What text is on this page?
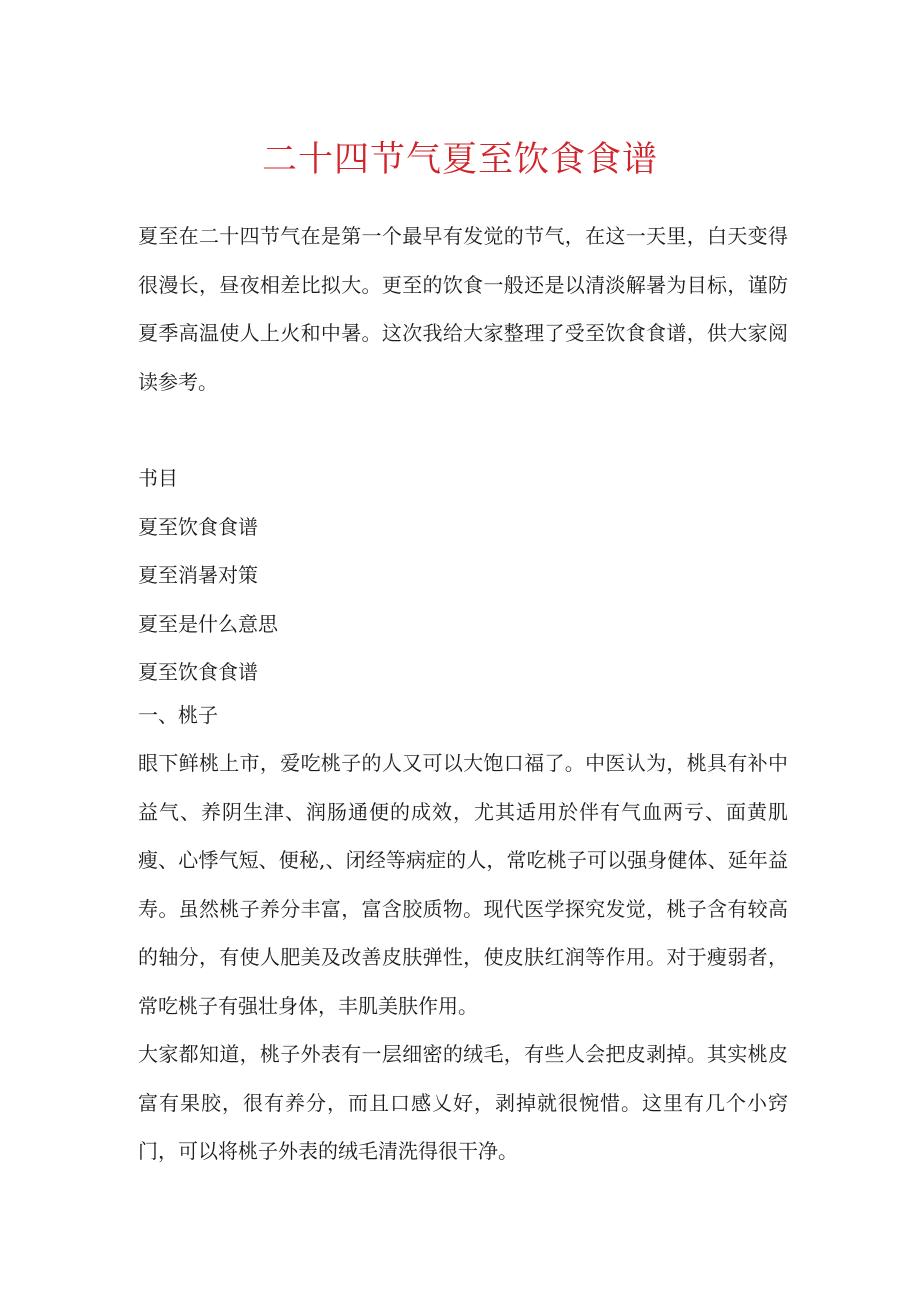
二十四节气夏至饮食食谱

夏至在二十四节气在是第一个最早有发觉的节气，在这一天里，白天变得很漫长，昼夜相差比拟大。更至的饮食一般还是以清淡解暑为目标，谨防夏季高温使人上火和中暑。这次我给大家整理了受至饮食食谱，供大家阅读参考。

书目
夏至饮食食谱
夏至消暑对策
夏至是什么意思
夏至饮食食谱
一、桃子

眼下鲜桃上市，爱吃桃子的人又可以大饱口福了。中医认为，桃具有补中益气、养阴生津、润肠通便的成效，尤其适用於伴有气血两亏、面黄肌瘦、心悸气短、便秘,、闭经等病症的人，常吃桃子可以强身健体、延年益寿。虽然桃子养分丰富，富含胶质物。现代医学探究发觉，桃子含有较高的轴分，有使人肥美及改善皮肤弹性，使皮肤红润等作用。对于瘦弱者，常吃桃子有强壮身体，丰肌美肤作用。

大家都知道，桃子外表有一层细密的绒毛，有些人会把皮剥掉。其实桃皮富有果胶，很有养分，而且口感乂好，剥掉就很惋惜。这里有几个小窍门，可以将桃子外表的绒毛清洗得很干净。
